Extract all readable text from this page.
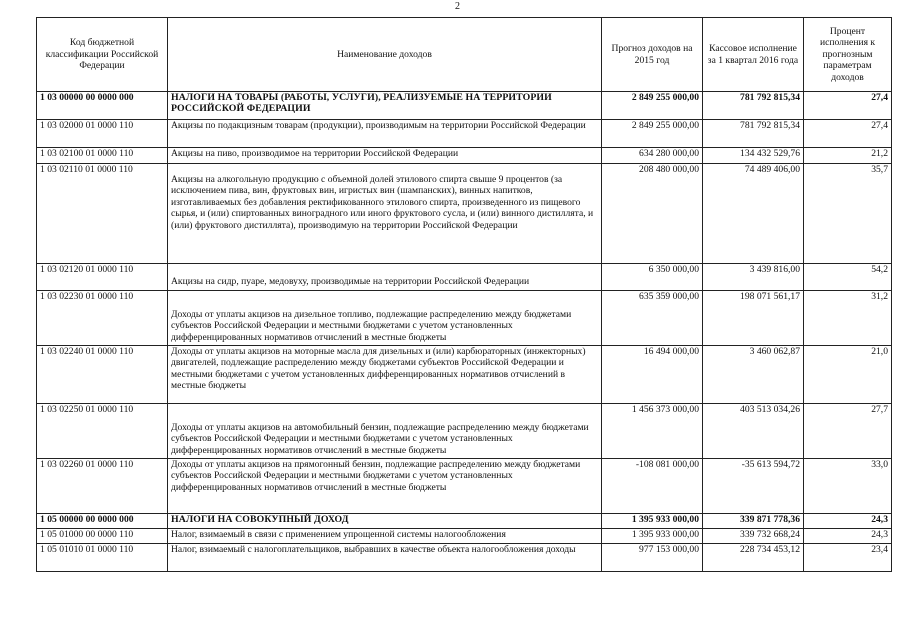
2
Код бюджетной классификации Российской Федерации	Наименование доходов	Прогноз доходов на 2015 год	Кассовое исполнение за 1 квартал 2016 года	Процент исполнения к прогнозным параметрам доходов
1 03 00000 00 0000 000	НАЛОГИ НА ТОВАРЫ (РАБОТЫ, УСЛУГИ), РЕАЛИЗУЕМЫЕ НА ТЕРРИТОРИИ РОССИЙСКОЙ ФЕДЕРАЦИИ	2 849 255 000,00	781 792 815,34	27,4
1 03 02000 01 0000 110	Акцизы по подакцизным товарам (продукции), производимым на территории Российской Федерации	2 849 255 000,00	781 792 815,34	27,4
1 03 02100 01 0000 110	Акцизы на пиво, производимое на территории Российской Федерации	634 280 000,00	134 432 529,76	21,2
1 03 02110 01 0000 110	Акцизы на алкогольную продукцию с объемной долей этилового спирта свыше 9 процентов (за исключением пива, вин, фруктовых вин, игристых вин (шампанских), винных напитков, изготавливаемых без добавления ректификованного этилового спирта, произведенного из пищевого сырья, и (или) спиртованных виноградного или иного фруктового сусла, и (или) винного дистиллята, и (или) фруктового дистиллята), производимую на территории Российской Федерации	208 480 000,00	74 489 406,00	35,7
1 03 02120 01 0000 110	Акцизы на сидр, пуаре, медовуху, производимые на территории Российской Федерации	6 350 000,00	3 439 816,00	54,2
1 03 02230 01 0000 110	Доходы от уплаты акцизов на дизельное топливо, подлежащие распределению между бюджетами субъектов Российской Федерации и местными бюджетами с учетом установленных дифференцированных нормативов отчислений в местные бюджеты	635 359 000,00	198 071 561,17	31,2
1 03 02240 01 0000 110	Доходы от уплаты акцизов на моторные масла для дизельных и (или) карбюраторных (инжекторных) двигателей, подлежащие распределению между бюджетами субъектов Российской Федерации и местными бюджетами с учетом установленных дифференцированных нормативов отчислений в местные бюджеты	16 494 000,00	3 460 062,87	21,0
1 03 02250 01 0000 110	Доходы от уплаты акцизов на автомобильный бензин, подлежащие распределению между бюджетами субъектов Российской Федерации и местными бюджетами с учетом установленных дифференцированных нормативов отчислений в местные бюджеты	1 456 373 000,00	403 513 034,26	27,7
1 03 02260 01 0000 110	Доходы от уплаты акцизов на прямогонный бензин, подлежащие распределению между бюджетами субъектов Российской Федерации и местными бюджетами с учетом установленных дифференцированных нормативов отчислений в местные бюджеты	-108 081 000,00	-35 613 594,72	33,0
1 05 00000 00 0000 000	НАЛОГИ НА СОВОКУПНЫЙ ДОХОД	1 395 933 000,00	339 871 778,36	24,3
1 05 01000 00 0000 110	Налог, взимаемый в связи с применением упрощенной системы налогообложения	1 395 933 000,00	339 732 668,24	24,3
1 05 01010 01 0000 110	Налог, взимаемый с налогоплательщиков, выбравших в качестве объекта налогообложения доходы	977 153 000,00	228 734 453,12	23,4
